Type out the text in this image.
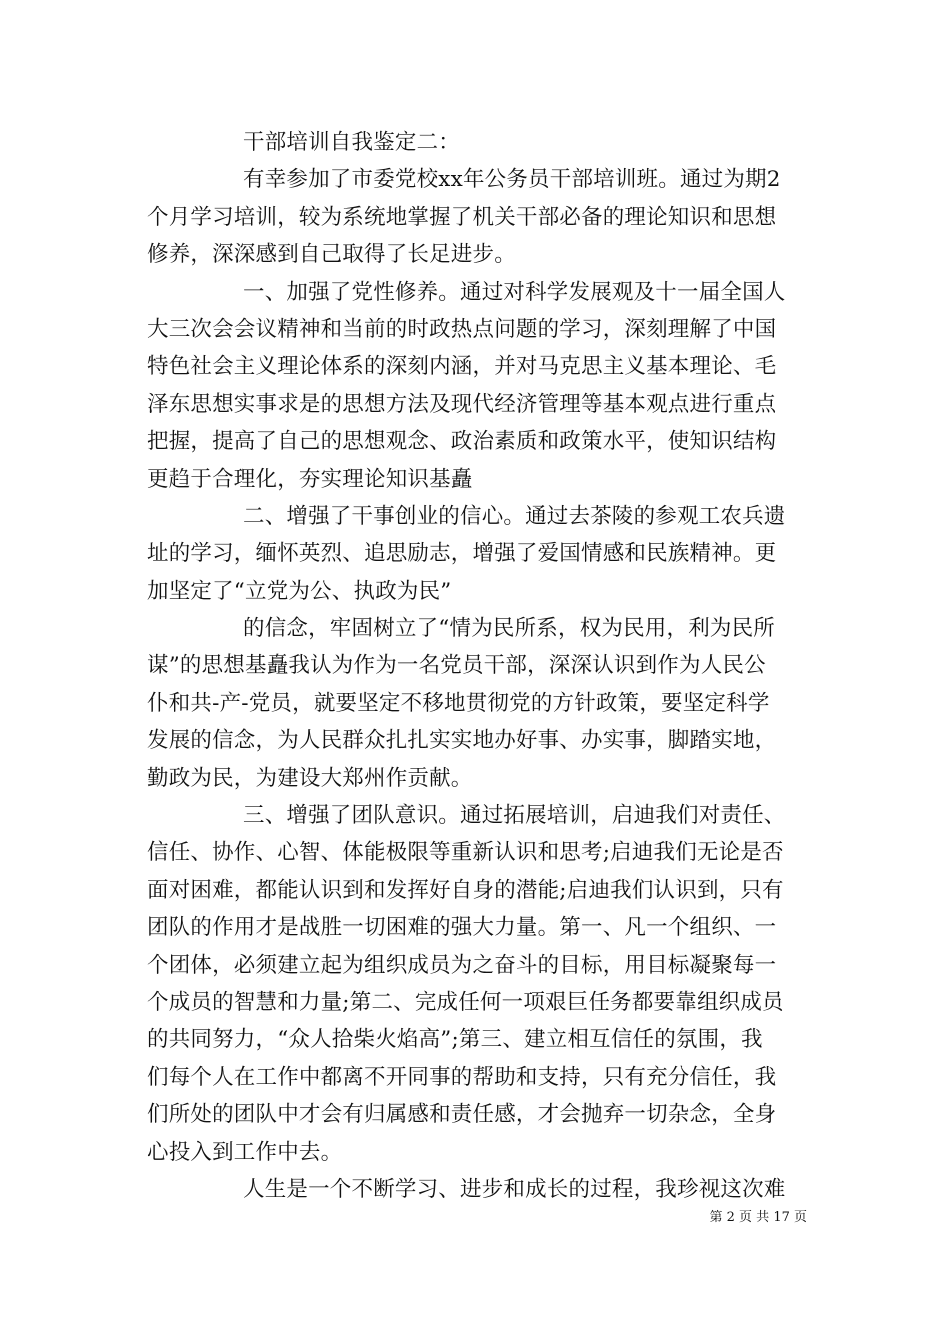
干部培训自我鉴定二：
有幸参加了市委党校xx年公务员干部培训班。通过为期2
个月学习培训，较为系统地掌握了机关干部必备的理论知识和思想
修养，深深感到自己取得了长足进步。
一、加强了党性修养。通过对科学发展观及十一届全国人
大三次会会议精神和当前的时政热点问题的学习，深刻理解了中国
特色社会主义理论体系的深刻内涵，并对马克思主义基本理论、毛
泽东思想实事求是的思想方法及现代经济管理等基本观点进行重点
把握，提高了自己的思想观念、政治素质和政策水平，使知识结构
更趋于合理化，夯实理论知识基矗
二、增强了干事创业的信心。通过去茶陵的参观工农兵遗
址的学习，缅怀英烈、追思励志，增强了爱国情感和民族精神。更
加坚定了“立党为公、执政为民”
的信念，牢固树立了“情为民所系，权为民用，利为民所
谋”的思想基矗我认为作为一名党员干部，深深认识到作为人民公
仆和共-产-党员，就要坚定不移地贯彻党的方针政策，要坚定科学
发展的信念，为人民群众扎扎实实地办好事、办实事，脚踏实地，
勤政为民，为建设大郑州作贡献。
三、增强了团队意识。通过拓展培训，启迪我们对责任、
信任、协作、心智、体能极限等重新认识和思考;启迪我们无论是否
面对困难，都能认识到和发挥好自身的潜能;启迪我们认识到，只有
团队的作用才是战胜一切困难的强大力量。第一、凡一个组织、一
个团体，必须建立起为组织成员为之奋斗的目标，用目标凝聚每一
个成员的智慧和力量;第二、完成任何一项艰巨任务都要靠组织成员
的共同努力，“众人拾柴火焰高”;第三、建立相互信任的氛围，我
们每个人在工作中都离不开同事的帮助和支持，只有充分信任，我
们所处的团队中才会有归属感和责任感，才会抛弃一切杂念，全身
心投入到工作中去。
人生是一个不断学习、进步和成长的过程，我珍视这次难
第 2 页 共 17 页
